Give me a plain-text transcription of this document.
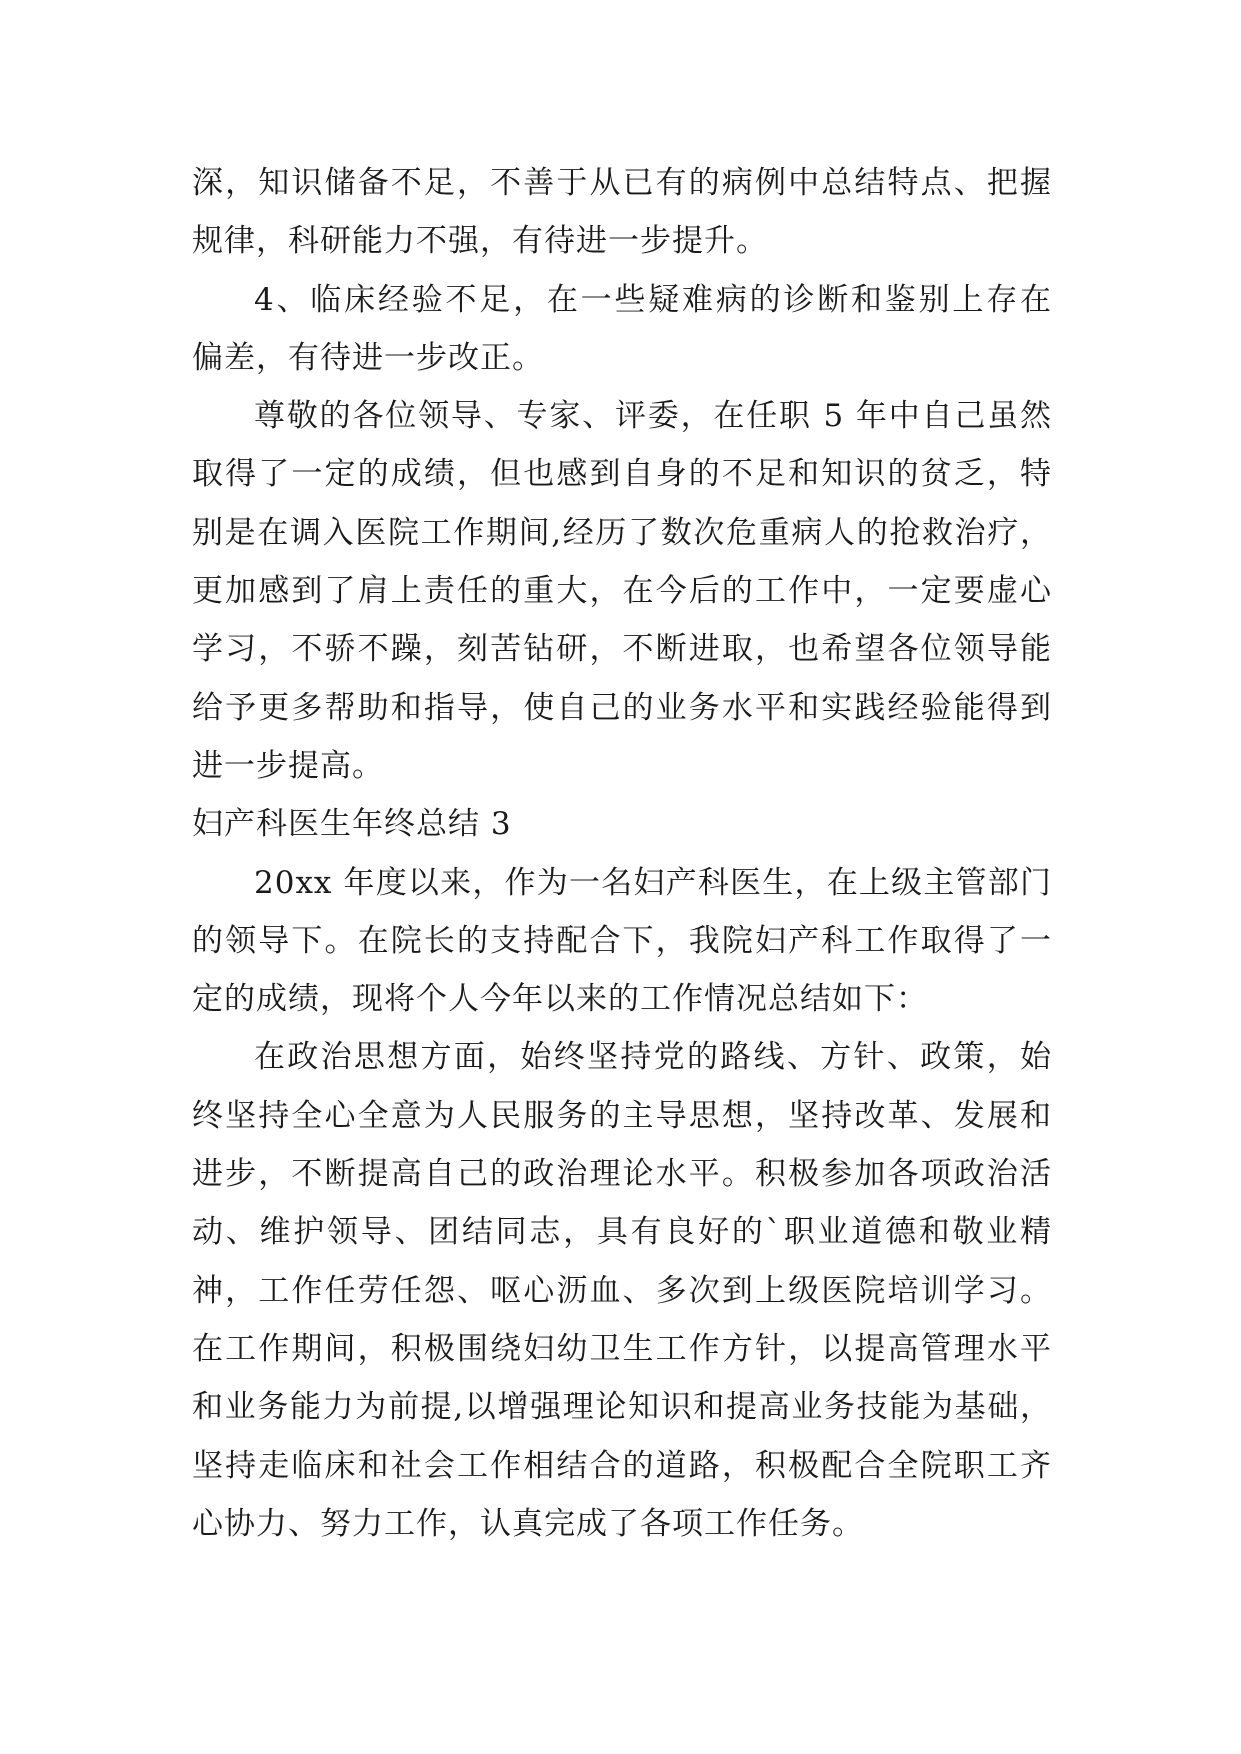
深，知识储备不足，不善于从已有的病例中总结特点、把握
规律，科研能力不强，有待进一步提升。
4、临床经验不足，在一些疑难病的诊断和鉴别上存在
偏差，有待进一步改正。
尊敬的各位领导、专家、评委，在任职 5 年中自己虽然
取得了一定的成绩，但也感到自身的不足和知识的贫乏，特
别是在调入医院工作期间,经历了数次危重病人的抢救治疗，
更加感到了肩上责任的重大，在今后的工作中，一定要虚心
学习，不骄不躁，刻苦钻研，不断进取，也希望各位领导能
给予更多帮助和指导，使自己的业务水平和实践经验能得到
进一步提高。
妇产科医生年终总结 3
20xx 年度以来，作为一名妇产科医生，在上级主管部门
的领导下。在院长的支持配合下，我院妇产科工作取得了一
定的成绩，现将个人今年以来的工作情况总结如下：
在政治思想方面，始终坚持党的路线、方针、政策，始
终坚持全心全意为人民服务的主导思想，坚持改革、发展和
进步，不断提高自己的政治理论水平。积极参加各项政治活
动、维护领导、团结同志，具有良好的`职业道德和敬业精
神，工作任劳任怨、呕心沥血、多次到上级医院培训学习。
在工作期间，积极围绕妇幼卫生工作方针，以提高管理水平
和业务能力为前提,以增强理论知识和提高业务技能为基础，
坚持走临床和社会工作相结合的道路，积极配合全院职工齐
心协力、努力工作，认真完成了各项工作任务。
